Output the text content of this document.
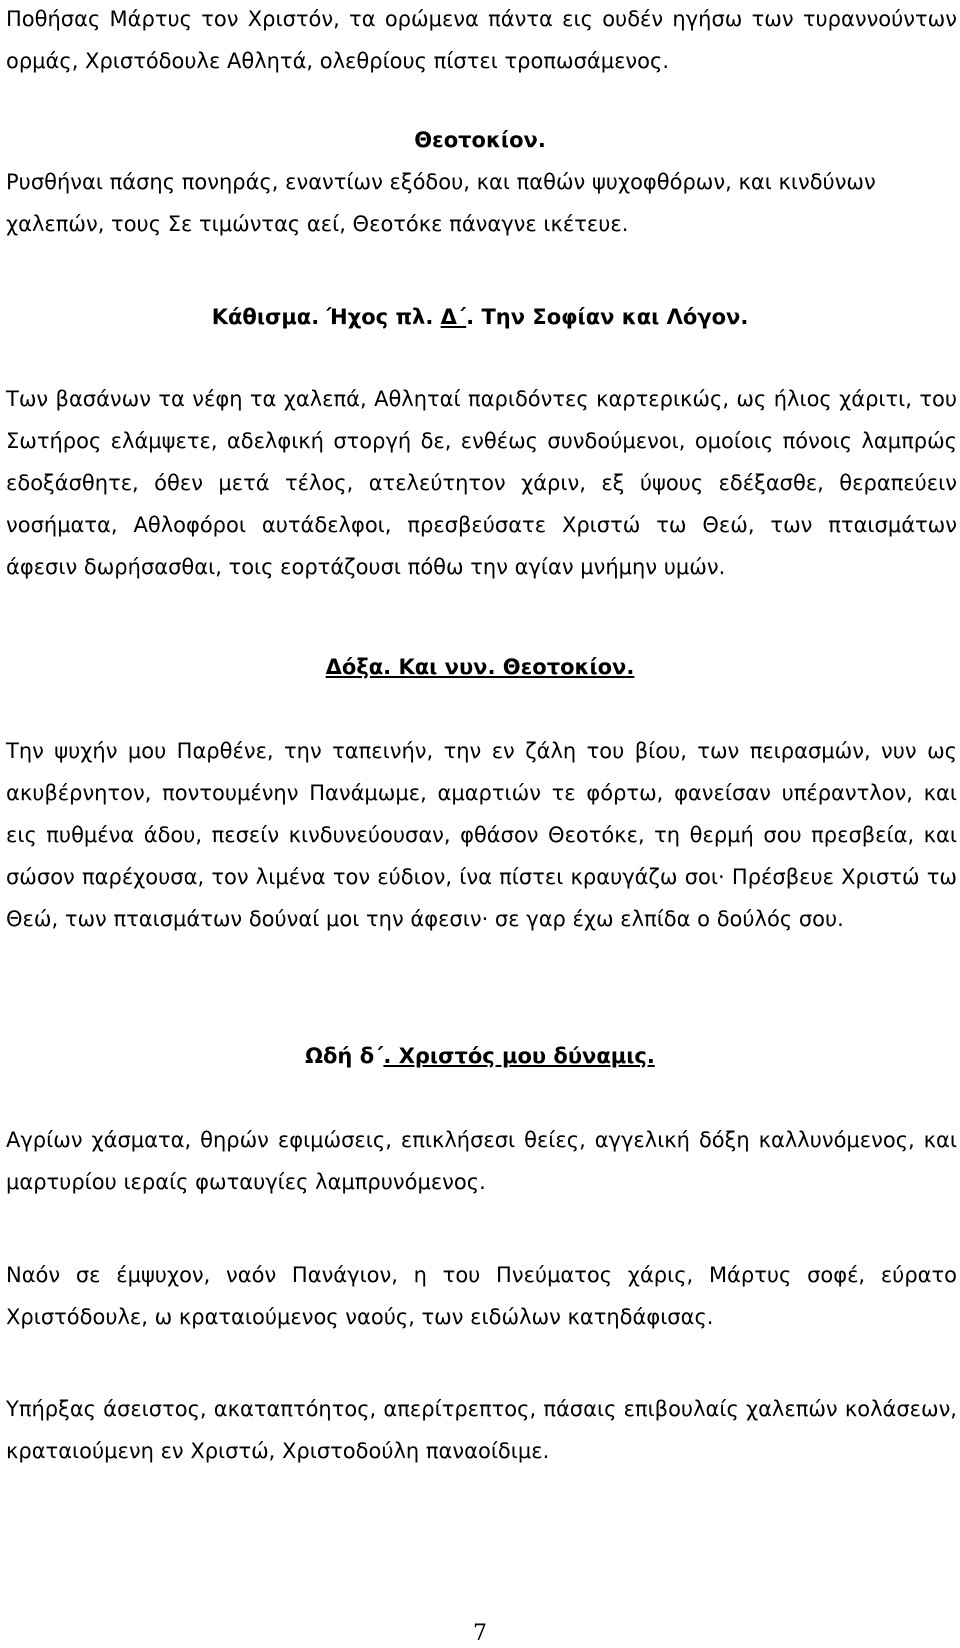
Ποθήσας Μάρτυς τον Χριστόν, τα ορώμενα πάντα εις ουδέν ηγήσω των τυραννούντων ορμάς, Χριστόδουλε Αθλητά, ολεθρίους πίστει τροπωσάμενος.

Θεοτοκίον.

Ρυσθήναι πάσης πονηράς, εναντίων εξόδου, και παθών ψυχοφθόρων, και κινδύνων χαλεπών, τους Σε τιμώντας αεί, Θεοτόκε πάναγνε ικέτευε.

Κάθισμα. Ήχος πλ. Δ΄. Την Σοφίαν και Λόγον.

Των βασάνων τα νέφη τα χαλεπά, Αθληταί παριδόντες καρτερικώς, ως ήλιος χάριτι, του Σωτήρος ελάμψετε, αδελφική στοργή δε, ενθέως συνδούμενοι, ομοίοις πόνοις λαμπρώς εδοξάσθητε, όθεν μετά τέλος, ατελεύτητον χάριν, εξ ύψους εδέξασθε, θεραπεύειν νοσήματα, Αθλοφόροι αυτάδελφοι, πρεσβεύσατε Χριστώ τω Θεώ, των πταισμάτων άφεσιν δωρήσασθαι, τοις εορτάζουσι πόθω την αγίαν μνήμην υμών.

Δόξα. Και νυν. Θεοτοκίον.

Την ψυχήν μου Παρθένε, την ταπεινήν, την εν ζάλη του βίου, των πειρασμών, νυν ως ακυβέρνητον, ποντουμένην Πανάμωμε, αμαρτιών τε φόρτω, φανείσαν υπέραντλον, και εις πυθμένα άδου, πεσείν κινδυνεύουσαν, φθάσον Θεοτόκε, τη θερμή σου πρεσβεία, και σώσον παρέχουσα, τον λιμένα τον εύδιον, ίνα πίστει κραυγάζω σοι· Πρέσβευε Χριστώ τω Θεώ, των πταισμάτων δούναί μοι την άφεσιν· σε γαρ έχω ελπίδα ο δούλός σου.

Ωδή δ΄. Χριστός μου δύναμις.

Αγρίων χάσματα, θηρών εφιμώσεις, επικλήσεσι θείες, αγγελική δόξη καλλυνόμενος, και μαρτυρίου ιεραίς φωταυγίες λαμπρυνόμενος.

Ναόν σε έμψυχον, ναόν Πανάγιον, η του Πνεύματος χάρις, Μάρτυς σοφέ, εύρατο Χριστόδουλε, ω κραταιούμενος ναούς, των ειδώλων κατηδάφισας.

Υπήρξας άσειστος, ακαταπτόητος, απερίτρεπτος, πάσαις επιβουλαίς χαλεπών κολάσεων, κραταιούμενη εν Χριστώ, Χριστοδούλη παναοίδιμε.

7
